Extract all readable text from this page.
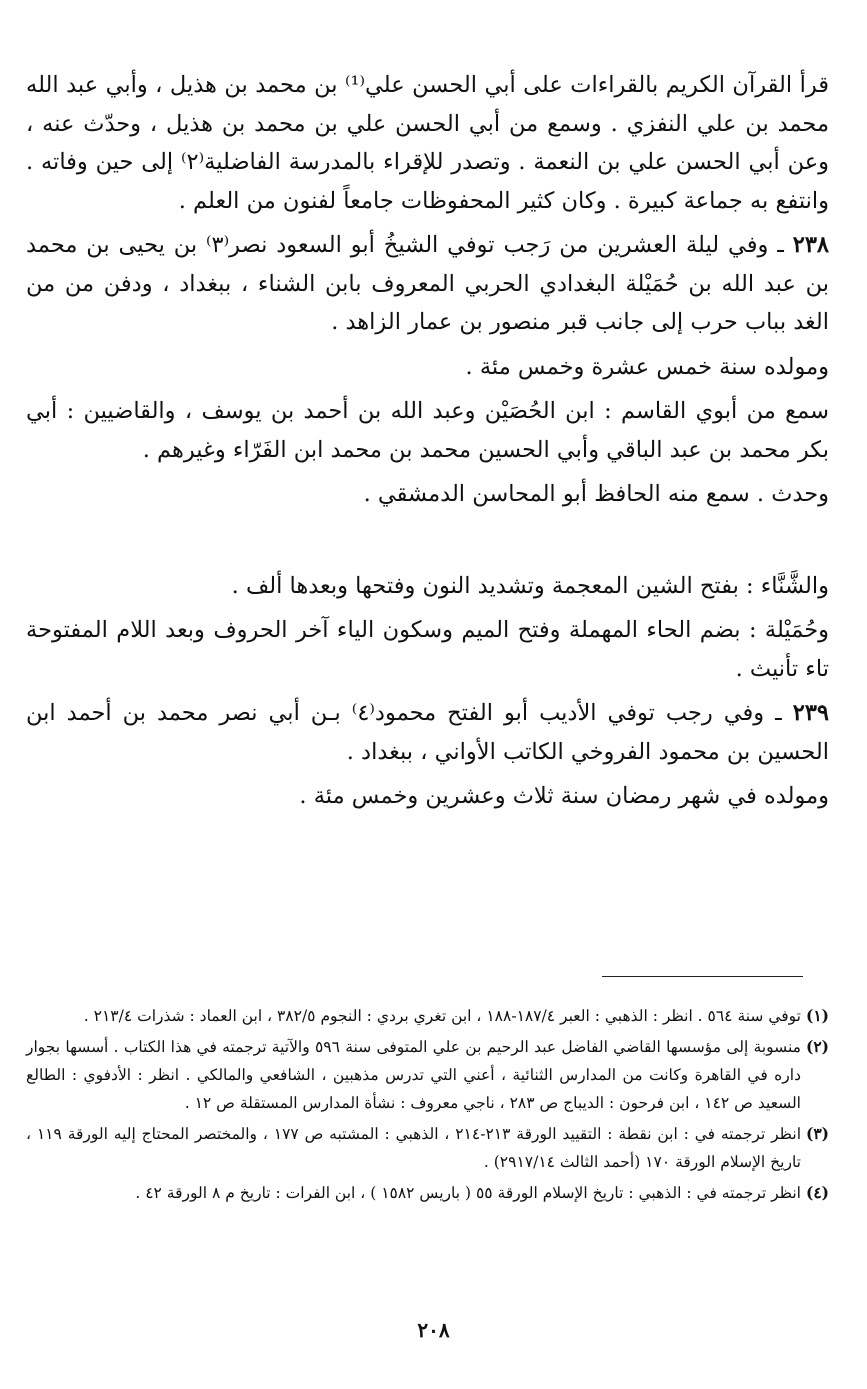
قرأ القرآن الكريم بالقراءات على أبي الحسن علي⁽¹⁾ بن محمد بن هذيل ، وأبي عبد الله محمد بن علي النفزي . وسمع من أبي الحسن علي بن محمد بن هذيل ، وحدّث عنه ، وعن أبي الحسن علي بن النعمة . وتصدر للإقراء بالمدرسة الفاضلية⁽٢⁾ إلى حين وفاته . وانتفع به جماعة كبيرة . وكان كثير المحفوظات جامعاً لفنون من العلم .

٢٣٨ ـ وفي ليلة العشرين من رَجب توفي الشيخُ أبو السعود نصر⁽٣⁾ بن يحيى بن محمد بن عبد الله بن حُمَيْلة البغدادي الحربي المعروف بابن الشناء ، ببغداد ، ودفن من من الغد بباب حرب إلى جانب قبر منصور بن عمار الزاهد .

ومولده سنة خمس عشرة وخمس مئة .

سمع من أبوي القاسم : ابن الحُصَيْن وعبد الله بن أحمد بن يوسف ، والقاضيين : أبي بكر محمد بن عبد الباقي وأبي الحسين محمد بن محمد ابن الفَرّاء وغيرهم .

وحدث . سمع منه الحافظ أبو المحاسن الدمشقي .

والشَّنَّاء : بفتح الشين المعجمة وتشديد النون وفتحها وبعدها ألف .

وحُمَيْلة : بضم الحاء المهملة وفتح الميم وسكون الياء آخر الحروف وبعد اللام المفتوحة تاء تأنيث .

٢٣٩ ـ وفي رجب توفي الأديب أبو الفتح محمود⁽٤⁾ بـن أبي نصر محمد بن أحمد ابن الحسين بن محمود الفروخي الكاتب الأواني ، ببغداد .

ومولده في شهر رمضان سنة ثلاث وعشرين وخمس مئة .

(١)
توفي سنة ٥٦٤ . انظر : الذهبي : العبر ١٨٧/٤-١٨٨ ، ابن تغري بردي : النجوم ٣٨٢/٥ ، ابن العماد : شذرات ٢١٣/٤ .

(٢)
منسوبة إلى مؤسسها القاضي الفاضل عبد الرحيم بن علي المتوفى سنة ٥٩٦ والآتية ترجمته في هذا الكتاب . أسسها بجوار داره في القاهرة وكانت من المدارس الثنائية ، أعني التي تدرس مذهبين ، الشافعي والمالكي . انظر : الأدفوي : الطالع السعيد ص ١٤٢ ، ابن فرحون : الديباج ص ٢٨٣ ، ناجي معروف : نشأة المدارس المستقلة ص ١٢ .

(٣)
انظر ترجمته في : ابن نقطة : التقييد الورقة ٢١٣-٢١٤ ، الذهبي : المشتبه ص ١٧٧ ، والمختصر المحتاج إليه الورقة ١١٩ ، تاريخ الإسلام الورقة ١٧٠ (أحمد الثالث ٢٩١٧/١٤) .

(٤)
انظر ترجمته في : الذهبي : تاريخ الإسلام الورقة ٥٥ ( باريس ١٥٨٢ ) ، ابن الفرات : تاريخ م ٨ الورقة ٤٢ .

٢٠٨
